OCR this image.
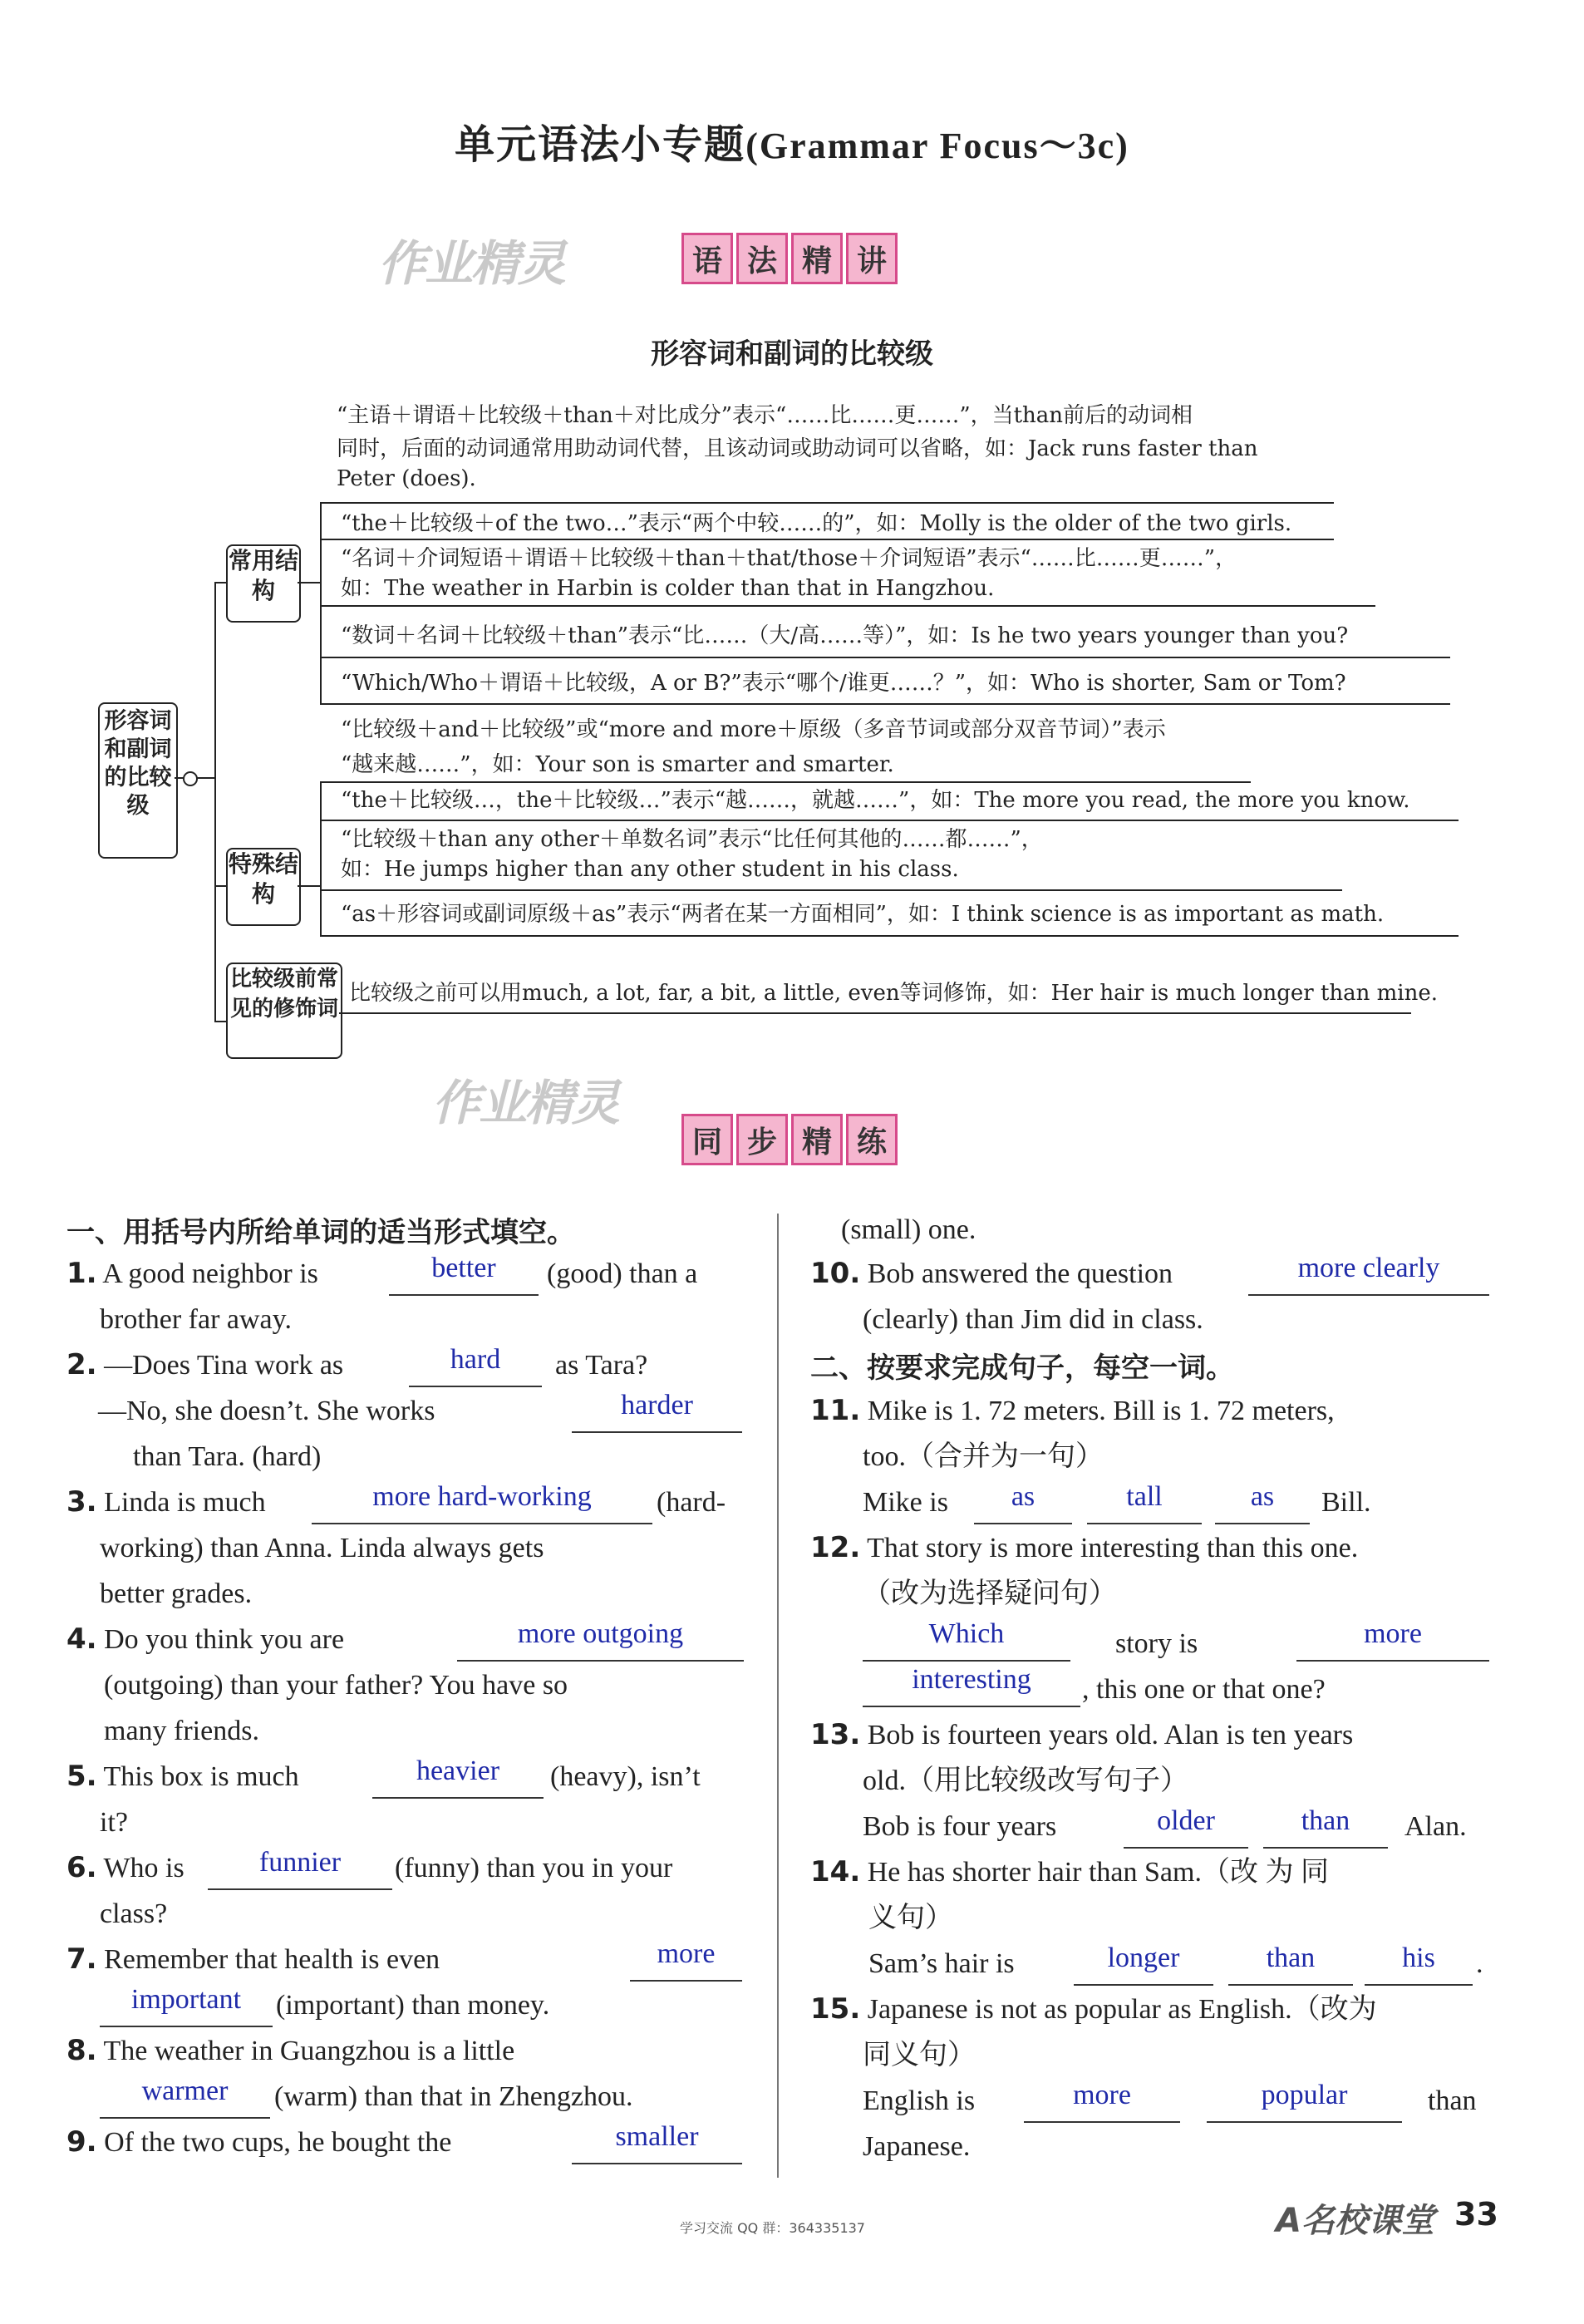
单元语法小专题(Grammar Focus～3c)
作业精灵	语 法 精 讲
形容词和副词的比较级
形容词和副词的比较级
常用结构
特殊结构
比较级前常见的修饰词
“主语＋谓语＋比较级＋than＋对比成分”表示“……比……更……”，当than前后的动词相
同时，后面的动词通常用助动词代替，且该动词或助动词可以省略，如：Jack runs faster than
Peter (does).
“the＋比较级＋of the two…”表示“两个中较……的”，如：Molly is the older of the two girls.
“名词＋介词短语＋谓语＋比较级＋than＋that/those＋介词短语”表示“……比……更……”，
如：The weather in Harbin is colder than that in Hangzhou.
“数词＋名词＋比较级＋than”表示“比……（大/高……等）”，如：Is he two years younger than you?
“Which/Who＋谓语＋比较级，A or B?”表示“哪个/谁更……？”，如：Who is shorter, Sam or Tom?
“比较级＋and＋比较级”或“more and more＋原级（多音节词或部分双音节词）”表示
“越来越……”，如：Your son is smarter and smarter.
“the＋比较级…，the＋比较级…”表示“越……，就越……”，如：The more you read, the more you know.
“比较级＋than any other＋单数名词”表示“比任何其他的……都……”，
如：He jumps higher than any other student in his class.
“as＋形容词或副词原级＋as”表示“两者在某一方面相同”，如：I think science is as important as math.
比较级之前可以用much, a lot, far, a bit, a little, even等词修饰，如：Her hair is much longer than mine.
作业精灵
同 步 精 练
一、用括号内所给单词的适当形式填空。
1. A good neighbor is	better	(good) than a
brother far away.
2. —Does Tina work as	hard	as Tara?
—No, she doesn’t. She works	harder
than Tara. (hard)
3. Linda is much	more hard-working	(hard-
working) than Anna. Linda always gets
better grades.
4. Do you think you are	more outgoing
(outgoing) than your father? You have so
many friends.
5. This box is much	heavier	(heavy), isn’t
it?
6. Who is	funnier	(funny) than you in your
class?
7. Remember that health is even	more
important	(important) than money.
8. The weather in Guangzhou is a little
warmer	(warm) than that in Zhengzhou.
9. Of the two cups, he bought the	smaller
(small) one.
10. Bob answered the question	more clearly
(clearly) than Jim did in class.
二、按要求完成句子，每空一词。
11. Mike is 1. 72 meters. Bill is 1. 72 meters,
too.（合并为一句）
Mike is	as	tall	as	Bill.
12. That story is more interesting than this one.
（改为选择疑问句）
Which	story is	more
interesting	, this one or that one?
13. Bob is fourteen years old. Alan is ten years
old.（用比较级改写句子）
Bob is four years	older	than	Alan.
14. He has shorter hair than Sam.（改 为 同
义句）
Sam’s hair is	longer	than	his	.
15. Japanese is not as popular as English.（改为
同义句）
English is	more	popular	than
Japanese.
学习交流 QQ 群：364335137	A名校课堂 33
